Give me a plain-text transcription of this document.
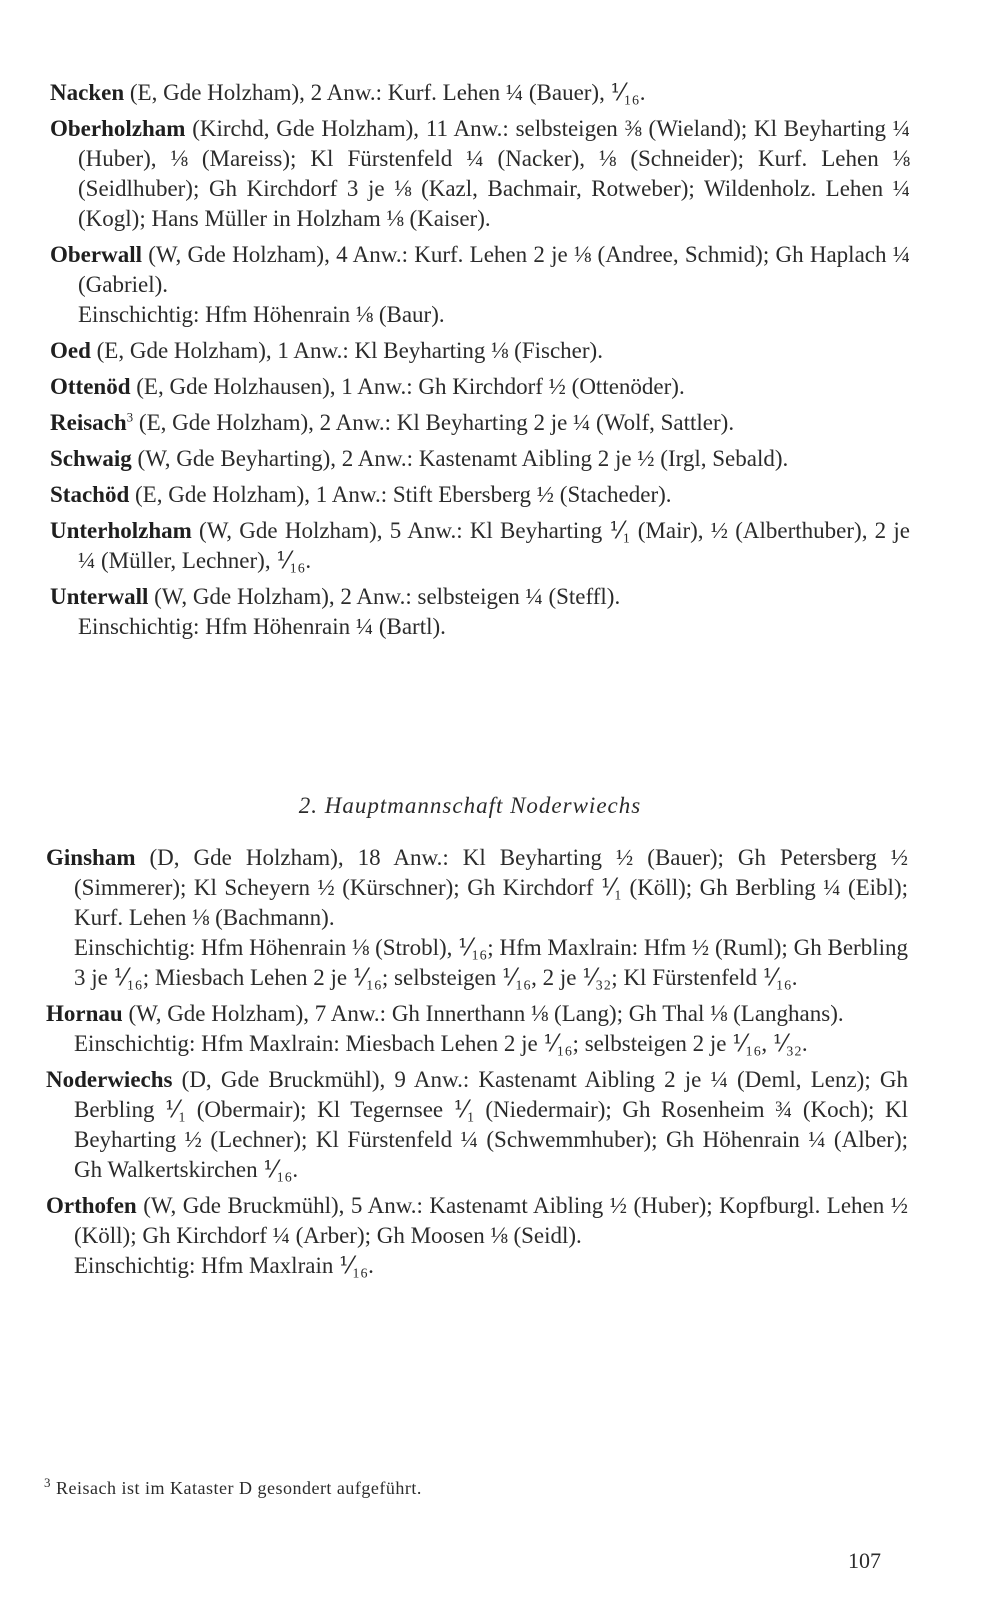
Nacken (E, Gde Holzham), 2 Anw.: Kurf. Lehen ¼ (Bauer), ⅟₁₆.
Oberholzham (Kirchd, Gde Holzham), 11 Anw.: selbsteigen ⅜ (Wieland); Kl Beyharting ¼ (Huber), ⅛ (Mareiss); Kl Fürstenfeld ¼ (Nacker), ⅛ (Schneider); Kurf. Lehen ⅛ (Seidlhuber); Gh Kirchdorf 3 je ⅛ (Kazl, Bachmair, Rotweber); Wildenholz. Lehen ¼ (Kogl); Hans Müller in Holzham ⅛ (Kaiser).
Oberwall (W, Gde Holzham), 4 Anw.: Kurf. Lehen 2 je ⅛ (Andree, Schmid); Gh Haplach ¼ (Gabriel).
Einschichtig: Hfm Höhenrain ⅛ (Baur).
Oed (E, Gde Holzham), 1 Anw.: Kl Beyharting ⅛ (Fischer).
Ottenöd (E, Gde Holzhausen), 1 Anw.: Gh Kirchdorf ½ (Ottenöder).
Reisach$^3$ (E, Gde Holzham), 2 Anw.: Kl Beyharting 2 je ¼ (Wolf, Sattler).
Schwaig (W, Gde Beyharting), 2 Anw.: Kastenamt Aibling 2 je ½ (Irgl, Sebald).
Stachöd (E, Gde Holzham), 1 Anw.: Stift Ebersberg ½ (Stacheder).
Unterholzham (W, Gde Holzham), 5 Anw.: Kl Beyharting ⅟₁ (Mair), ½ (Alberthuber), 2 je ¼ (Müller, Lechner), ⅟₁₆.
Unterwall (W, Gde Holzham), 2 Anw.: selbsteigen ¼ (Steffl).
Einschichtig: Hfm Höhenrain ¼ (Bartl).
2. Hauptmannschaft Noderwiechs
Ginsham (D, Gde Holzham), 18 Anw.: Kl Beyharting ½ (Bauer); Gh Petersberg ½ (Simmerer); Kl Scheyern ½ (Kürschner); Gh Kirchdorf ⅟₁ (Köll); Gh Berbling ¼ (Eibl); Kurf. Lehen ⅛ (Bachmann).
Einschichtig: Hfm Höhenrain ⅛ (Strobl), ⅟₁₆; Hfm Maxlrain: Hfm ½ (Ruml); Gh Berbling 3 je ⅟₁₆; Miesbach Lehen 2 je ⅟₁₆; selbsteigen ⅟₁₆, 2 je ⅟₃₂; Kl Fürstenfeld ⅟₁₆.
Hornau (W, Gde Holzham), 7 Anw.: Gh Innerthann ⅛ (Lang); Gh Thal ⅛ (Langhans).
Einschichtig: Hfm Maxlrain: Miesbach Lehen 2 je ⅟₁₆; selbsteigen 2 je ⅟₁₆, ⅟₃₂.
Noderwiechs (D, Gde Bruckmühl), 9 Anw.: Kastenamt Aibling 2 je ¼ (Deml, Lenz); Gh Berbling ⅟₁ (Obermair); Kl Tegernsee ⅟₁ (Niedermair); Gh Rosenheim ¾ (Koch); Kl Beyharting ½ (Lechner); Kl Fürstenfeld ¼ (Schwemmhuber); Gh Höhenrain ¼ (Alber); Gh Walkertskirchen ⅟₁₆.
Orthofen (W, Gde Bruckmühl), 5 Anw.: Kastenamt Aibling ½ (Huber); Kopfburgl. Lehen ½ (Köll); Gh Kirchdorf ¼ (Arber); Gh Moosen ⅛ (Seidl).
Einschichtig: Hfm Maxlrain ⅟₁₆.
$^3$ Reisach ist im Kataster D gesondert aufgeführt.
107
